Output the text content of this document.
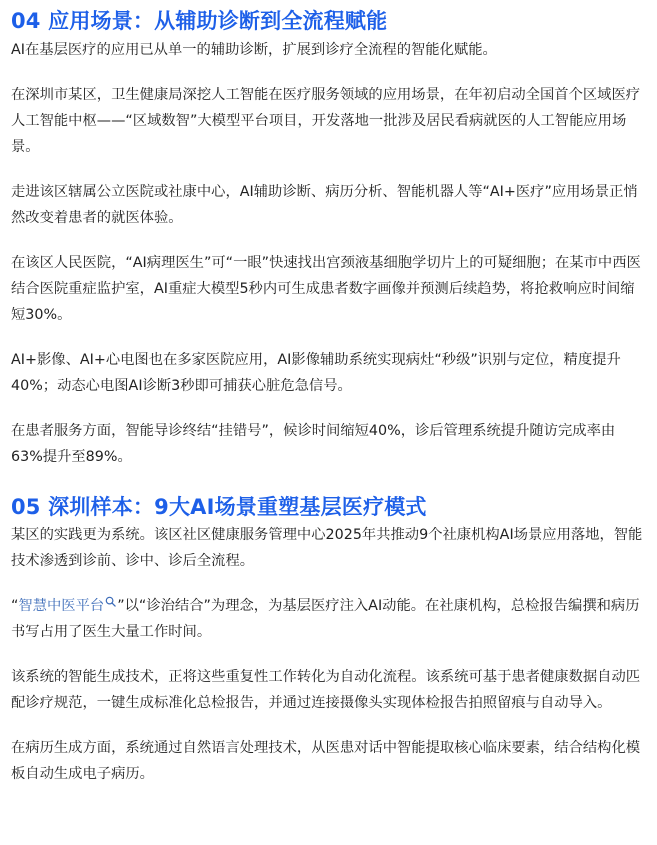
04 应用场景：从辅助诊断到全流程赋能

AI在基层医疗的应用已从单一的辅助诊断，扩展到诊疗全流程的智能化赋能。

在深圳市某区，卫生健康局深挖人工智能在医疗服务领域的应用场景，在年初启动全国首个区域医疗人工智能中枢——“区域数智”大模型平台项目，开发落地一批涉及居民看病就医的人工智能应用场景。

走进该区辖属公立医院或社康中心，AI辅助诊断、病历分析、智能机器人等“AI+医疗”应用场景正悄然改变着患者的就医体验。

在该区人民医院，“AI病理医生”可“一眼”快速找出宫颈液基细胞学切片上的可疑细胞；在某市中西医结合医院重症监护室，AI重症大模型5秒内可生成患者数字画像并预测后续趋势，将抢救响应时间缩短30%。

AI+影像、AI+心电图也在多家医院应用，AI影像辅助系统实现病灶“秒级”识别与定位，精度提升40%；动态心电图AI诊断3秒即可捕获心脏危急信号。

在患者服务方面，智能导诊终结“挂错号”，候诊时间缩短40%，诊后管理系统提升随访完成率由63%提升至89%。

05 深圳样本：9大AI场景重塑基层医疗模式

某区的实践更为系统。该区社区健康服务管理中心2025年共推动9个社康机构AI场景应用落地，智能技术渗透到诊前、诊中、诊后全流程。

“智慧中医平台 ”以“诊治结合”为理念，为基层医疗注入AI动能。在社康机构，总检报告编撰和病历书写占用了医生大量工作时间。

该系统的智能生成技术，正将这些重复性工作转化为自动化流程。该系统可基于患者健康数据自动匹配诊疗规范，一键生成标准化总检报告，并通过连接摄像头实现体检报告拍照留痕与自动导入。

在病历生成方面，系统通过自然语言处理技术，从医患对话中智能提取核心临床要素，结合结构化模板自动生成电子病历。
